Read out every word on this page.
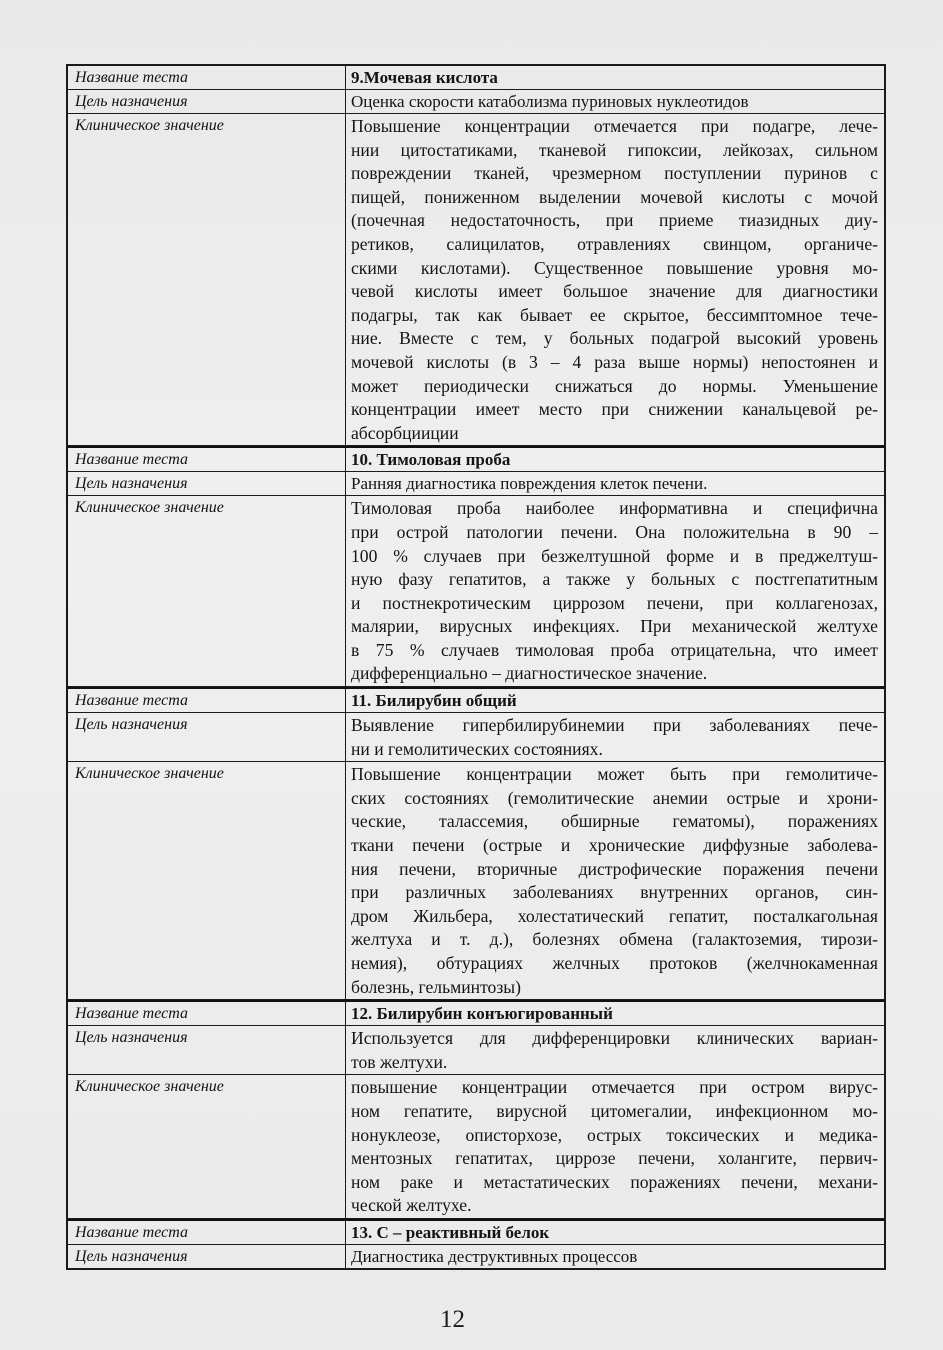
Название теста	9.Мочевая кислота
Цель назначения	Оценка скорости катаболизма пуриновых нуклеотидов
Клиническое значение	Повышение концентрации отмечается при подагре, лече-
нии цитостатиками, тканевой гипоксии, лейкозах, сильном
повреждении тканей, чрезмерном поступлении пуринов с
пищей, пониженном выделении мочевой кислоты с мочой
(почечная недостаточность, при приеме тиазидных диу-
ретиков, салицилатов, отравлениях свинцом, органиче-
скими кислотами). Существенное повышение уровня мо-
чевой кислоты имеет большое значение для диагностики
подагры, так как бывает ее скрытое, бессимптомное тече-
ние. Вместе с тем, у больных подагрой высокий уровень
мочевой кислоты (в 3 – 4 раза выше нормы) непостоянен и
может периодически снижаться до нормы. Уменьшение
концентрации имеет место при снижении канальцевой ре-
абсорбцииции
Название теста	10. Тимоловая проба
Цель назначения	Ранняя диагностика повреждения клеток печени.
Клиническое значение	Тимоловая проба наиболее информативна и специфична
при острой патологии печени. Она положительна в 90 –
100 % случаев при безжелтушной форме и в преджелтуш-
ную фазу гепатитов, а также у больных с постгепатитным
и постнекротическим циррозом печени, при коллагенозах,
малярии, вирусных инфекциях. При механической желтухе
в 75 % случаев тимоловая проба отрицательна, что имеет
дифференциально – диагностическое значение.
Название теста	11. Билирубин общий
Цель назначения	Выявление гипербилирубинемии при заболеваниях пече-
ни и гемолитических состояниях.
Клиническое значение	Повышение концентрации может быть при гемолитиче-
ских состояниях (гемолитические анемии острые и хрони-
ческие, талассемия, обширные гематомы), поражениях
ткани печени (острые и хронические диффузные заболева-
ния печени, вторичные дистрофические поражения печени
при различных заболеваниях внутренних органов, син-
дром Жильбера, холестатический гепатит, посталкагольная
желтуха и т. д.), болезнях обмена (галактоземия, тирози-
немия), обтурациях желчных протоков (желчнокаменная
болезнь, гельминтозы)
Название теста	12. Билирубин конъюгированный
Цель назначения	Используется для дифференцировки клинических вариан-
тов желтухи.
Клиническое значение	повышение концентрации отмечается при остром вирус-
ном гепатите, вирусной цитомегалии, инфекционном мо-
нонуклеозе, описторхозе, острых токсических и медика-
ментозных гепатитах, циррозе печени, холангите, первич-
ном раке и метастатических поражениях печени, механи-
ческой желтухе.
Название теста	13. С – реактивный белок
Цель назначения	Диагностика деструктивных процессов
12
